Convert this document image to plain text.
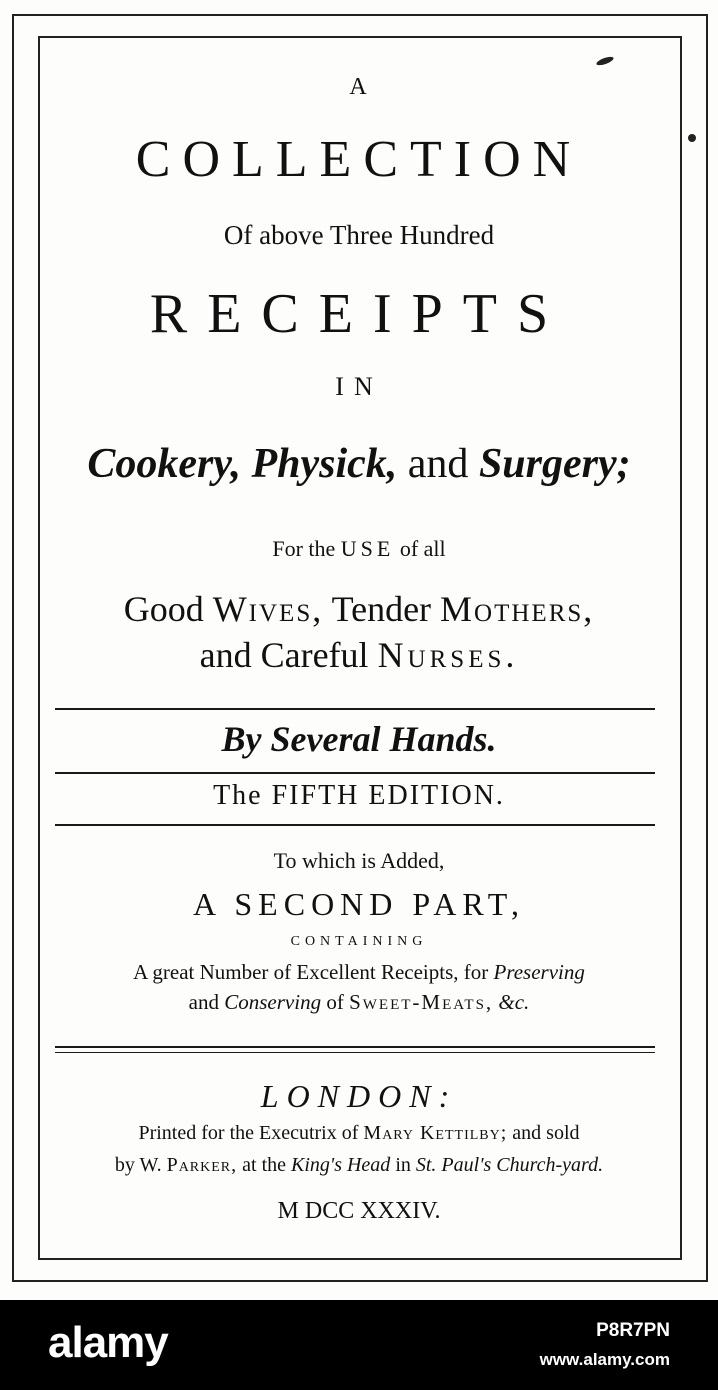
A
COLLECTION
Of above Three Hundred
RECEIPTS
IN
Cookery, Physick, and Surgery;
For the USE of all
Good Wives, Tender Mothers,
and Careful Nurses.
By Several Hands.
The FIFTH EDITION.
To which is Added,
A SECOND PART,
CONTAINING
A great Number of Excellent Receipts, for Preserving
and Conserving of Sweet-Meats, &c.
LONDON:
Printed for the Executrix of Mary Kettilby; and sold
by W. Parker, at the King's Head in St. Paul's Church-yard.
M DCC XXXIV.
alamy	P8R7PN
www.alamy.com
